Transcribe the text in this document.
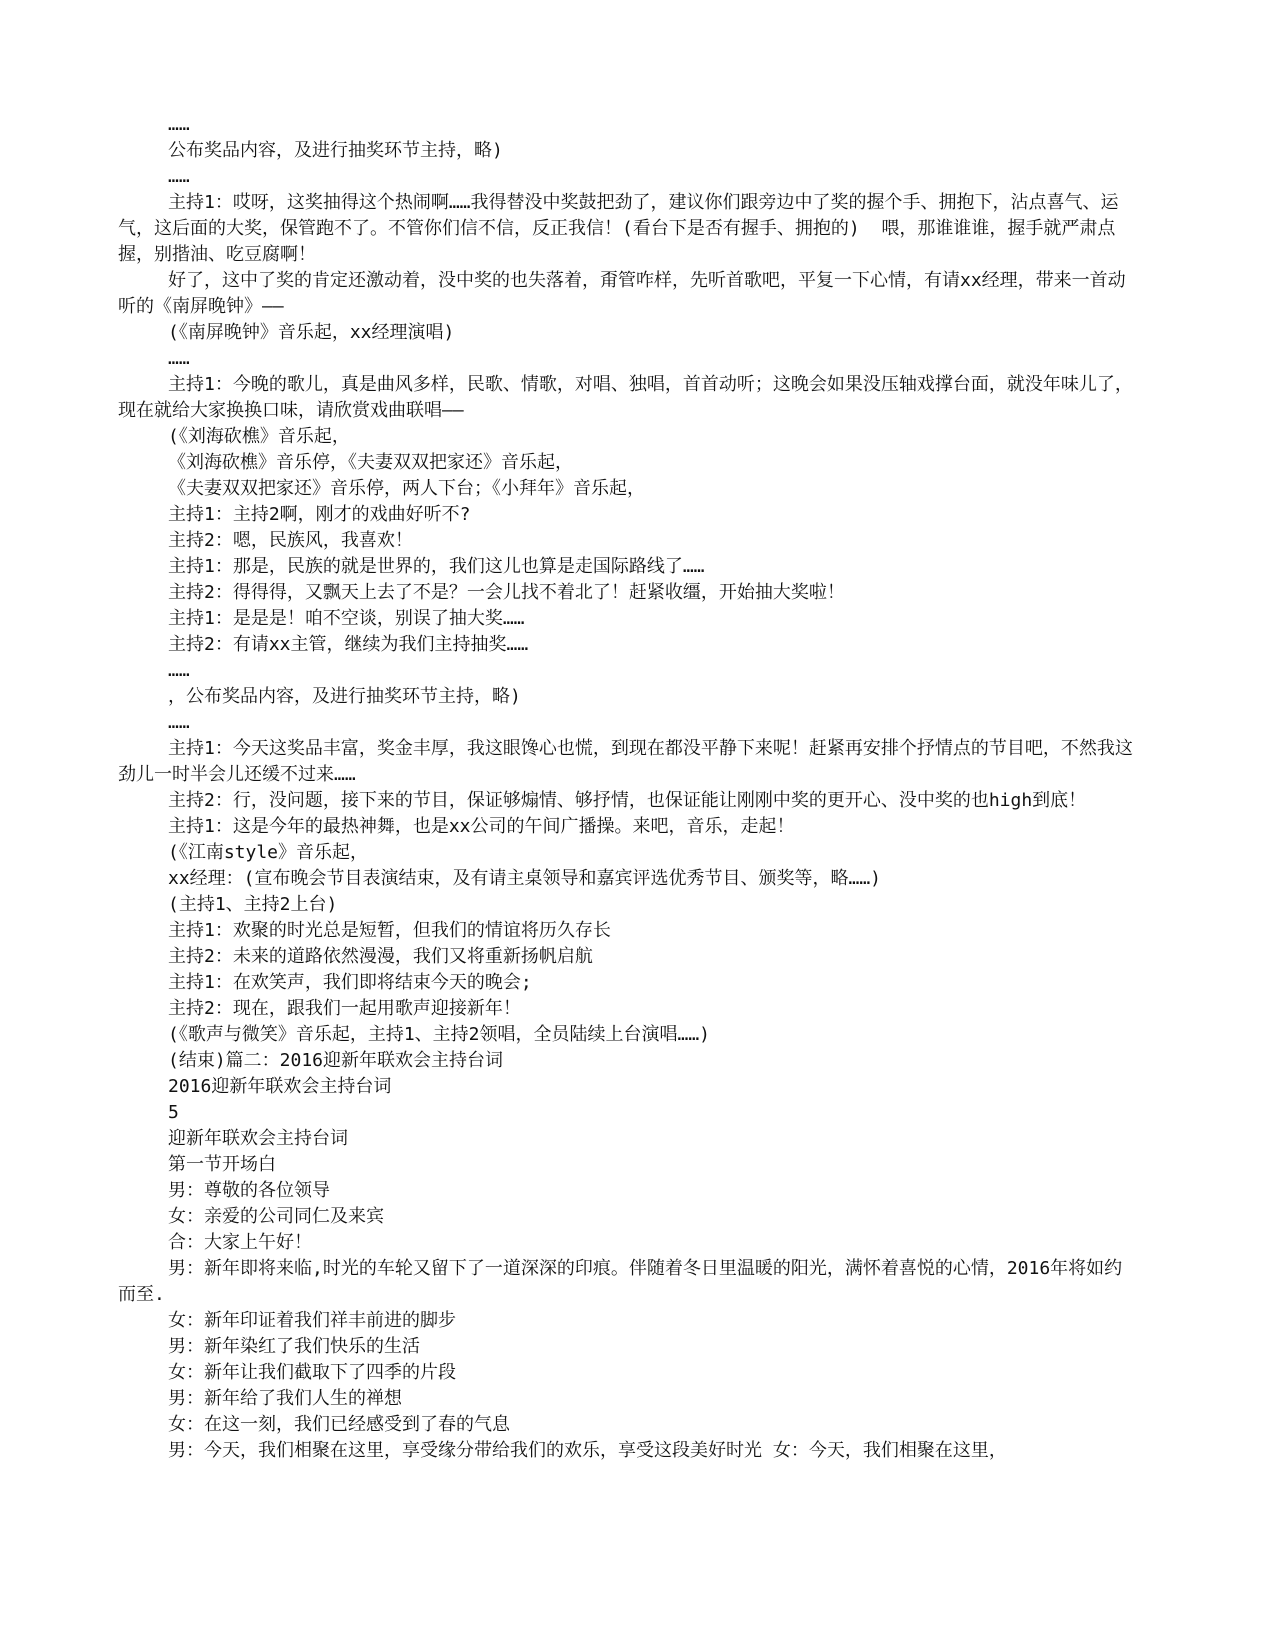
……

公布奖品内容，及进行抽奖环节主持，略)

……

主持1：哎呀，这奖抽得这个热闹啊……我得替没中奖鼓把劲了，建议你们跟旁边中了奖的握个手、拥抱下，沾点喜气、运气，这后面的大奖，保管跑不了。不管你们信不信，反正我信！(看台下是否有握手、拥抱的)  喂，那谁谁谁，握手就严肃点握，别揩油、吃豆腐啊！

好了，这中了奖的肯定还激动着，没中奖的也失落着，甭管咋样，先听首歌吧，平复一下心情，有请xx经理，带来一首动听的《南屏晚钟》——

(《南屏晚钟》音乐起，xx经理演唱)

……

主持1：今晚的歌儿，真是曲风多样，民歌、情歌，对唱、独唱，首首动听；这晚会如果没压轴戏撑台面，就没年味儿了，现在就给大家换换口味，请欣赏戏曲联唱——

(《刘海砍樵》音乐起，

《刘海砍樵》音乐停，《夫妻双双把家还》音乐起，

《夫妻双双把家还》音乐停，两人下台；《小拜年》音乐起，

主持1：主持2啊，刚才的戏曲好听不?

主持2：嗯，民族风，我喜欢！

主持1：那是，民族的就是世界的，我们这儿也算是走国际路线了……

主持2：得得得，又飘天上去了不是？一会儿找不着北了！赶紧收缰，开始抽大奖啦！

主持1：是是是！咱不空谈，别误了抽大奖……

主持2：有请xx主管，继续为我们主持抽奖……

……

，公布奖品内容，及进行抽奖环节主持，略)

……

主持1：今天这奖品丰富，奖金丰厚，我这眼馋心也慌，到现在都没平静下来呢！赶紧再安排个抒情点的节目吧，不然我这劲儿一时半会儿还缓不过来……

主持2：行，没问题，接下来的节目，保证够煽情、够抒情，也保证能让刚刚中奖的更开心、没中奖的也high到底！

主持1：这是今年的最热神舞，也是xx公司的午间广播操。来吧，音乐，走起！

(《江南style》音乐起，

xx经理：(宣布晚会节目表演结束，及有请主桌领导和嘉宾评选优秀节目、颁奖等，略……)

(主持1、主持2上台)

主持1：欢聚的时光总是短暂，但我们的情谊将历久存长

主持2：未来的道路依然漫漫，我们又将重新扬帆启航

主持1：在欢笑声，我们即将结束今天的晚会;

主持2：现在，跟我们一起用歌声迎接新年！

(《歌声与微笑》音乐起，主持1、主持2领唱，全员陆续上台演唱……)

(结束)篇二：2016迎新年联欢会主持台词

2016迎新年联欢会主持台词

5

迎新年联欢会主持台词

第一节开场白

男：尊敬的各位领导

女：亲爱的公司同仁及来宾

合：大家上午好！

男：新年即将来临,时光的车轮又留下了一道深深的印痕。伴随着冬日里温暖的阳光，满怀着喜悦的心情，2016年将如约而至.

女：新年印证着我们祥丰前进的脚步

男：新年染红了我们快乐的生活

女：新年让我们截取下了四季的片段

男：新年给了我们人生的禅想

女：在这一刻，我们已经感受到了春的气息

男：今天，我们相聚在这里，享受缘分带给我们的欢乐，享受这段美好时光 女：今天，我们相聚在这里，
